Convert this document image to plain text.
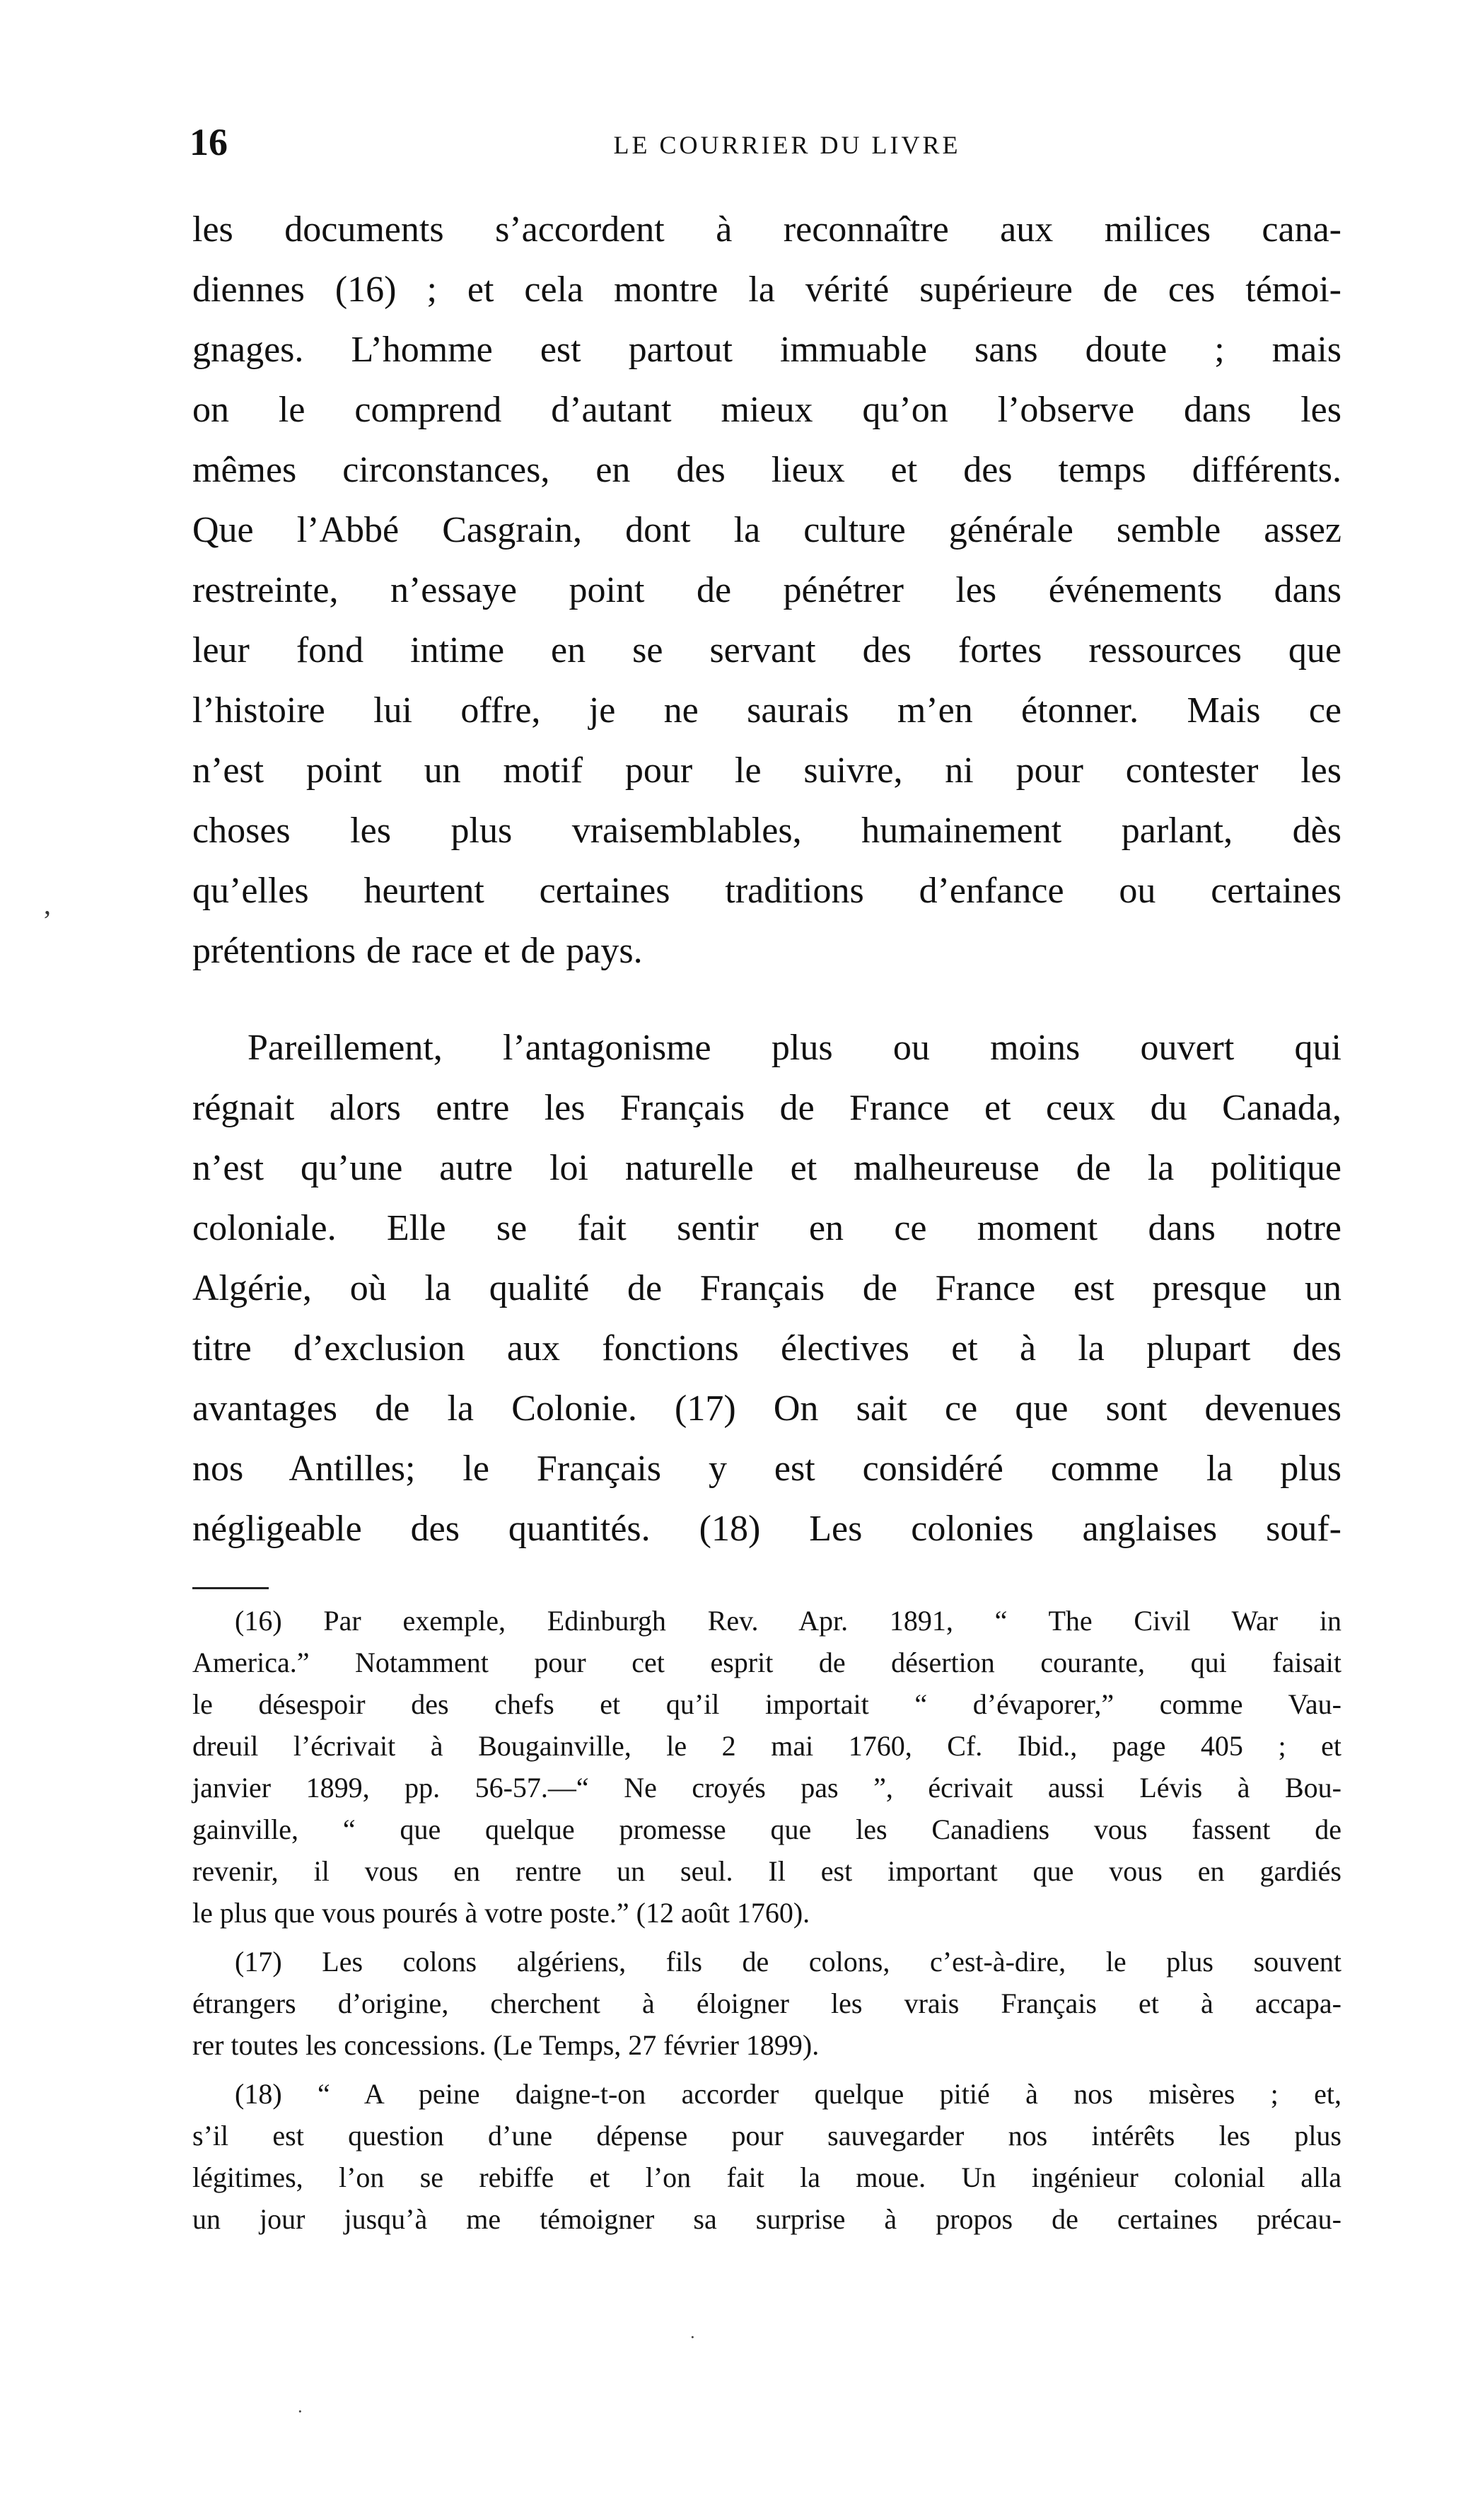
16	LE COURRIER DU LIVRE
‚
les documents s’accordent à reconnaître aux milices cana-
diennes (16) ; et cela montre la vérité supérieure de ces témoi-
gnages. L’homme est partout immuable sans doute ; mais
on le comprend d’autant mieux qu’on l’observe dans les
mêmes circonstances, en des lieux et des temps différents.
Que l’Abbé Casgrain, dont la culture générale semble assez
restreinte, n’essaye point de pénétrer les événements dans
leur fond intime en se servant des fortes ressources que
l’histoire lui offre, je ne saurais m’en étonner. Mais ce
n’est point un motif pour le suivre, ni pour contester les
choses les plus vraisemblables, humainement parlant, dès
qu’elles heurtent certaines traditions d’enfance ou certaines
prétentions de race et de pays.
Pareillement, l’antagonisme plus ou moins ouvert qui
régnait alors entre les Français de France et ceux du Canada,
n’est qu’une autre loi naturelle et malheureuse de la politique
coloniale. Elle se fait sentir en ce moment dans notre
Algérie, où la qualité de Français de France est presque un
titre d’exclusion aux fonctions électives et à la plupart des
avantages de la Colonie. (17) On sait ce que sont devenues
nos Antilles; le Français y est considéré comme la plus
négligeable des quantités. (18) Les colonies anglaises souf-
(16) Par exemple, Edinburgh Rev. Apr. 1891, “ The Civil War in
America.” Notamment pour cet esprit de désertion courante, qui faisait
le désespoir des chefs et qu’il importait “ d’évaporer,” comme Vau-
dreuil l’écrivait à Bougainville, le 2 mai 1760, Cf. Ibid., page 405 ; et
janvier 1899, pp. 56-57.—“ Ne croyés pas ”, écrivait aussi Lévis à Bou-
gainville, “ que quelque promesse que les Canadiens vous fassent de
revenir, il vous en rentre un seul. Il est important que vous en gardiés
le plus que vous pourés à votre poste.” (12 août 1760).
(17) Les colons algériens, fils de colons, c’est-à-dire, le plus souvent
étrangers d’origine, cherchent à éloigner les vrais Français et à accapa-
rer toutes les concessions. (Le Temps, 27 février 1899).
(18) “ A peine daigne-t-on accorder quelque pitié à nos misères ; et,
s’il est question d’une dépense pour sauvegarder nos intérêts les plus
légitimes, l’on se rebiffe et l’on fait la moue. Un ingénieur colonial alla
un jour jusqu’à me témoigner sa surprise à propos de certaines précau-
·
·
